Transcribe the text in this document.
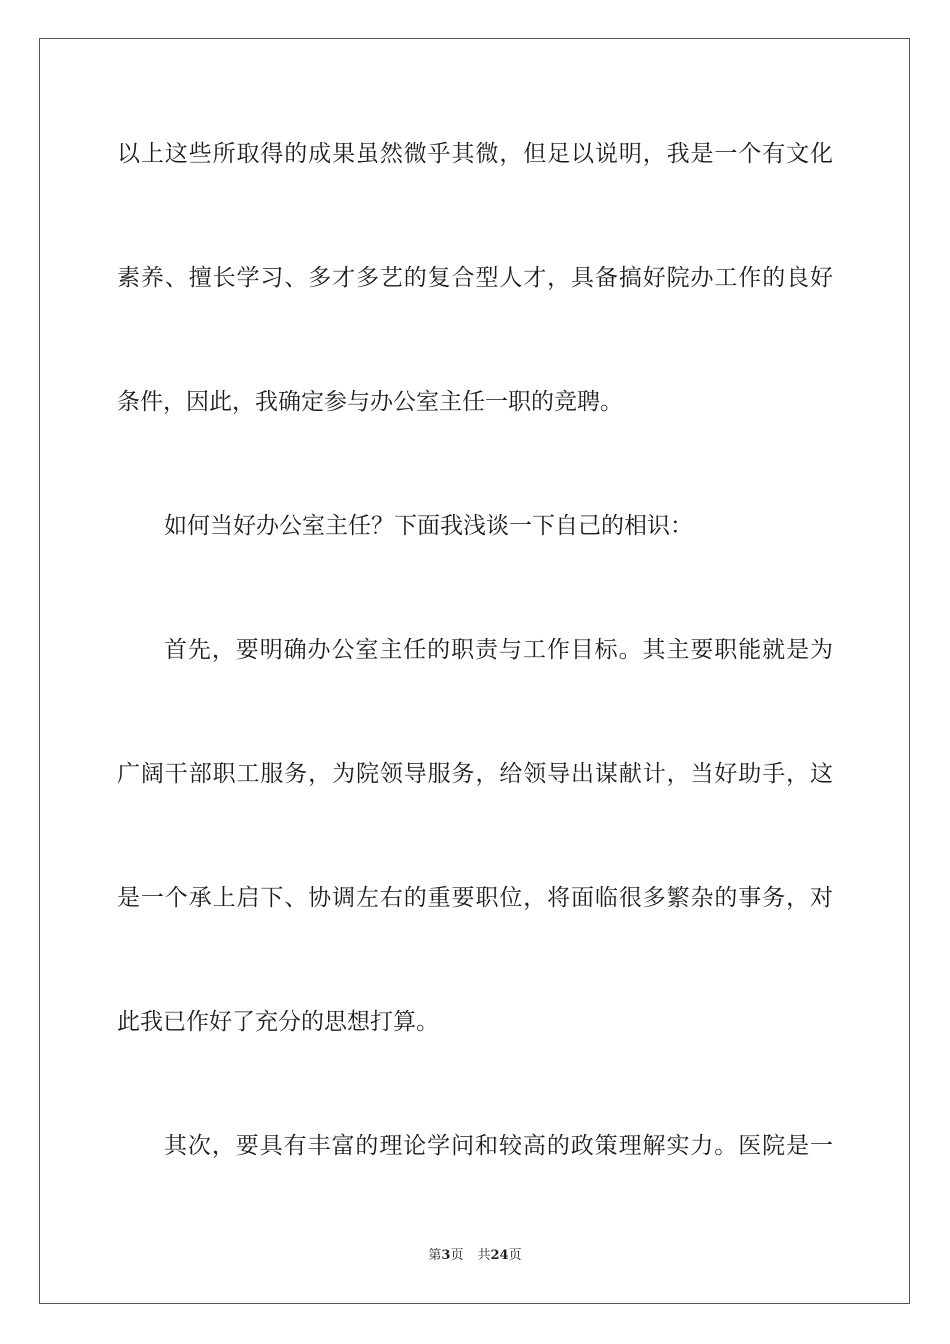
以上这些所取得的成果虽然微乎其微，但足以说明，我是一个有文化
素养、擅长学习、多才多艺的复合型人才，具备搞好院办工作的良好
条件，因此，我确定参与办公室主任一职的竞聘。
如何当好办公室主任？下面我浅谈一下自己的相识：
首先，要明确办公室主任的职责与工作目标。其主要职能就是为
广阔干部职工服务，为院领导服务，给领导出谋献计，当好助手，这
是一个承上启下、协调左右的重要职位，将面临很多繁杂的事务，对
此我已作好了充分的思想打算。
其次，要具有丰富的理论学问和较高的政策理解实力。医院是一
第3页 共24页
